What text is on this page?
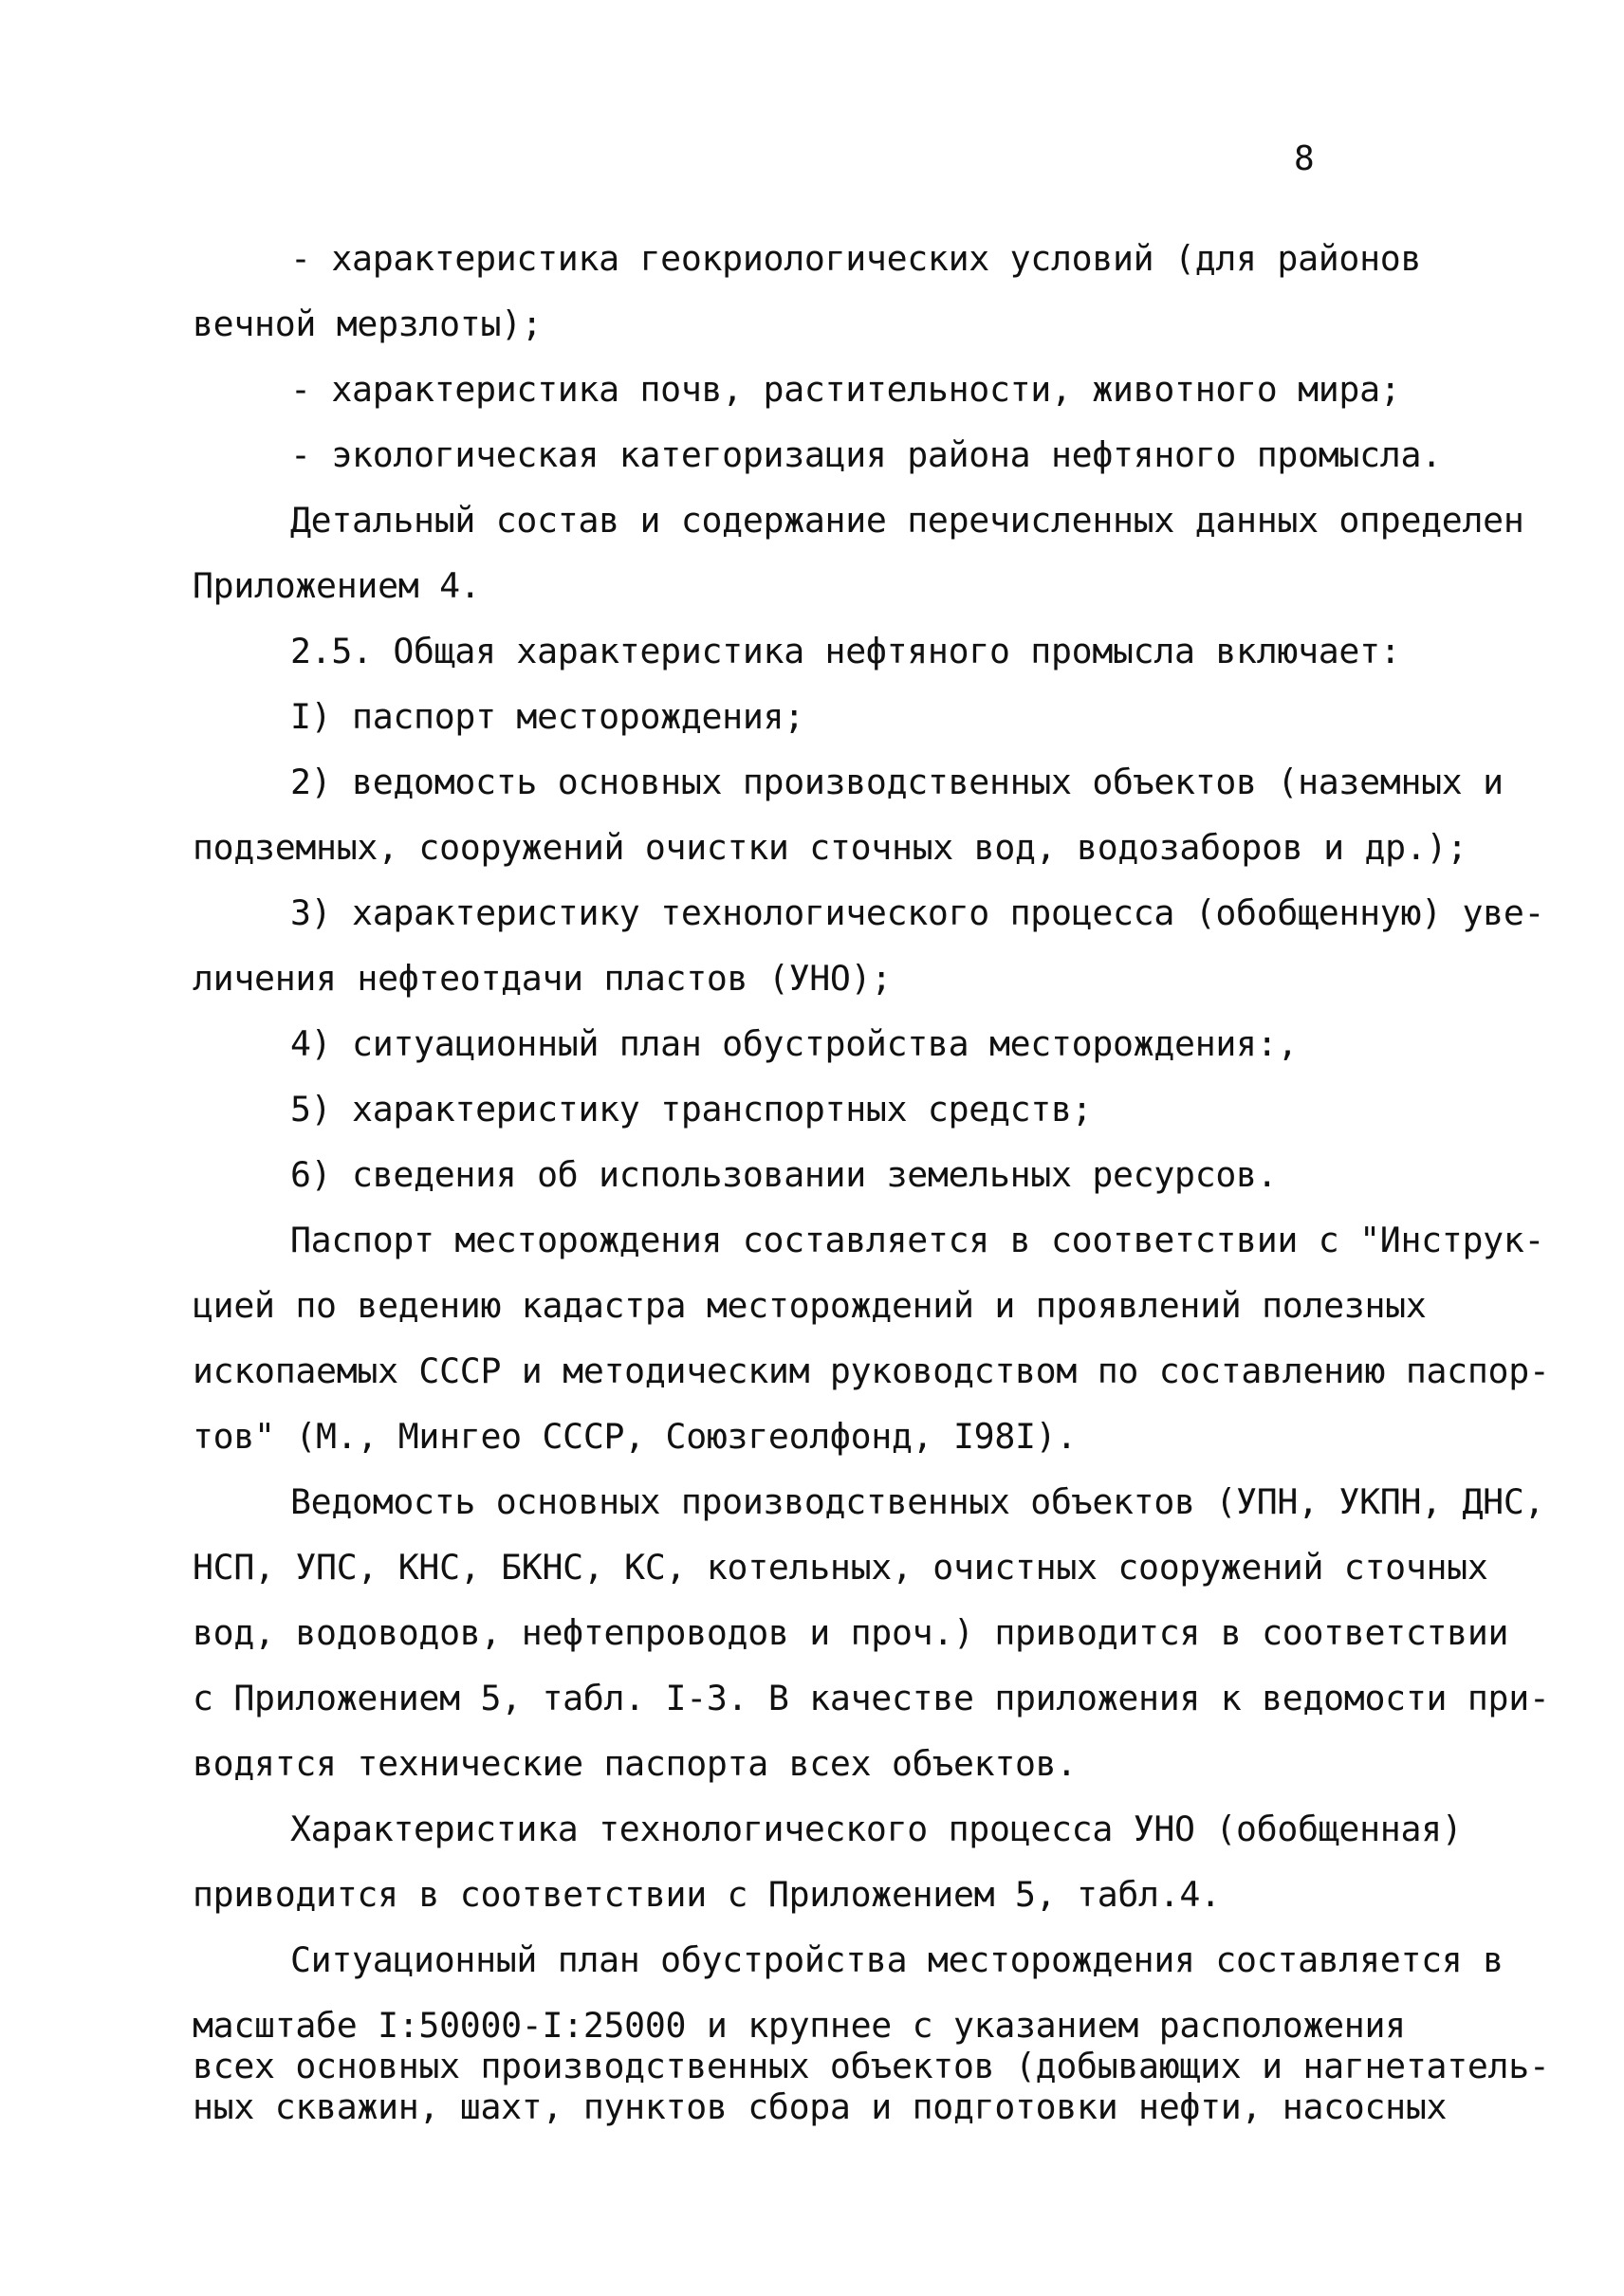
8
- характеристика геокриологических условий (для районов
вечной мерзлоты);
- характеристика почв, растительности, животного мира;
- экологическая категоризация района нефтяного промысла.
Детальный состав и содержание перечисленных данных определен
Приложением 4.
2.5. Общая характеристика нефтяного промысла включает:
I) паспорт месторождения;
2) ведомость основных производственных объектов (наземных и
подземных, сооружений очистки сточных вод, водозаборов и др.);
3) характеристику технологического процесса (обобщенную) уве-
личения нефтеотдачи пластов (УНО);
4) ситуационный план обустройства месторождения:,
5) характеристику транспортных средств;
6) сведения об использовании земельных ресурсов.
Паспорт месторождения составляется в соответствии с "Инструк-
цией по ведению кадастра месторождений и проявлений полезных
ископаемых СССР и методическим руководством по составлению паспор-
тов" (М., Мингео СССР, Союзгеолфонд, I98I).
Ведомость основных производственных объектов (УПН, УКПН, ДНС,
НСП, УПС, КНС, БКНС, КС, котельных, очистных сооружений сточных
вод, водоводов, нефтепроводов и проч.) приводится в соответствии
с Приложением 5, табл. I-3. В качестве приложения к ведомости при-
водятся технические паспорта всех объектов.
Характеристика технологического процесса УНО (обобщенная)
приводится в соответствии с Приложением 5, табл.4.
Ситуационный план обустройства месторождения составляется в
масштабе I:50000-I:25000 и крупнее с указанием расположения
всех основных производственных объектов (добывающих и нагнетатель-
ных скважин, шахт, пунктов сбора и подготовки нефти, насосных
